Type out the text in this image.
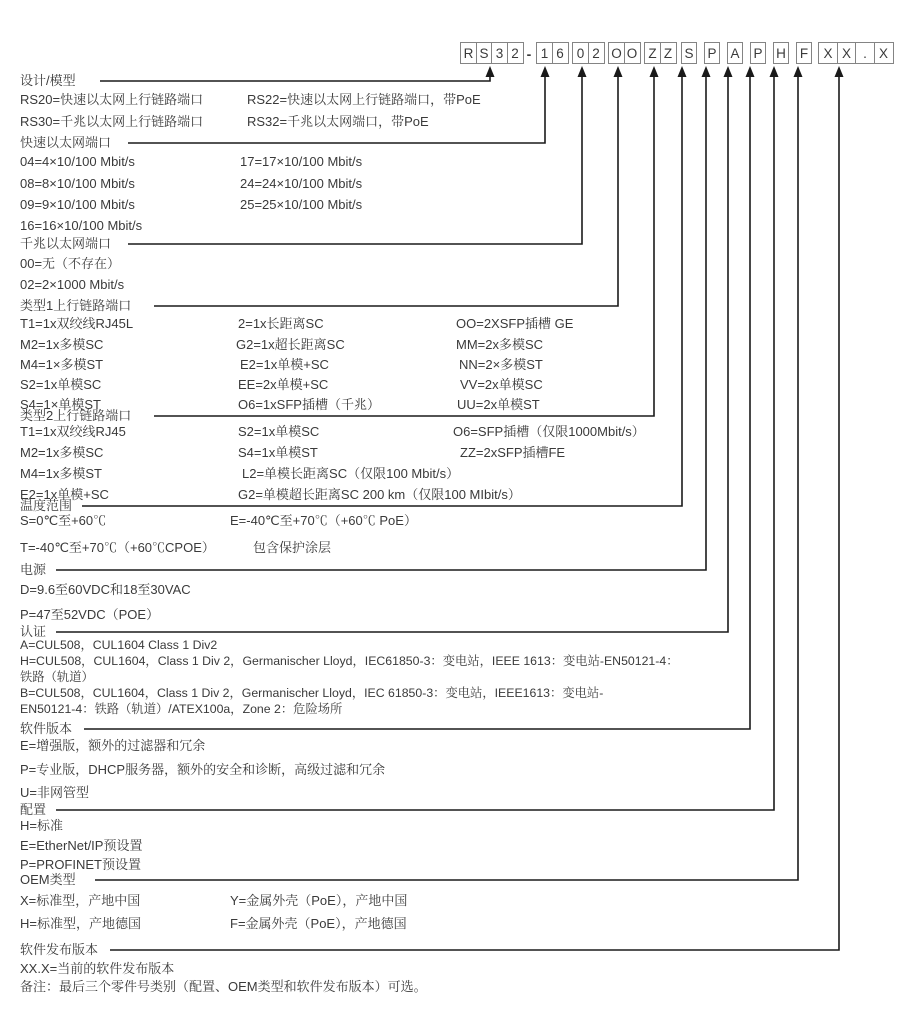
R S 3 2 - 1 6 0 2 O O Z Z S P A P H F	X X . X
设计/模型
RS20=快速以太网上行链路端口	RS22=快速以太网上行链路端口，带PoE
RS30=千兆以太网上行链路端口	RS32=千兆以太网端口，带PoE
快速以太网端口
04=4×10/100 Mbit/s	17=17×10/100 Mbit/s
08=8×10/100 Mbit/s	24=24×10/100 Mbit/s
09=9×10/100 Mbit/s	25=25×10/100 Mbit/s
16=16×10/100 Mbit/s
千兆以太网端口
00=无（不存在）
02=2×1000 Mbit/s
类型1上行链路端口
T1=1x双绞线RJ45L	2=1x长距离SC	OO=2XSFP插槽 GE
M2=1x多模SC	G2=1x超长距离SC	MM=2x多模SC
M4=1×多模ST	E2=1x单模+SC	NN=2×多模ST
S2=1x单模SC	EE=2x单模+SC	VV=2x单模SC
S4=1×单模ST	O6=1xSFP插槽（千兆）	UU=2x单模ST
类型2上行链路端口
T1=1x双绞线RJ45	S2=1x单模SC	O6=SFP插槽（仅限1000Mbit/s）
M2=1x多模SC	S4=1x单模ST	ZZ=2xSFP插槽FE
M4=1x多模ST	L2=单模长距离SC（仅限100 Mbit/s）
E2=1x单模+SC	G2=单模超长距离SC 200 km（仅限100 MIbit/s）
温度范围
S=0℃至+60℃	E=-40℃至+70℃（+60℃ PoE）
T=-40℃至+70℃（+60℃CPOE）	包含保护涂层
电源
D=9.6至60VDC和18至30VAC
P=47至52VDC（POE）
认证
A=CUL508，CUL1604 Class 1 Div2
H=CUL508，CUL1604，Class 1 Div 2，Germanischer Lloyd，IEC61850-3：变电站，IEEE 1613：变电站-EN50121-4：
铁路（轨道）
B=CUL508，CUL1604，Class 1 Div 2，Germanischer Lloyd，IEC 61850-3：变电站，IEEE1613：变电站-
EN50121-4：铁路（轨道）/ATEX100a，Zone 2：危险场所
软件版本
E=增强版，额外的过滤器和冗余
P=专业版，DHCP服务器，额外的安全和诊断，高级过滤和冗余
U=非网管型
配置
H=标准
E=EtherNet/IP预设置
P=PROFINET预设置
OEM类型
X=标准型，产地中国	Y=金属外壳（PoE），产地中国
H=标准型，产地德国	F=金属外壳（PoE），产地德国
软件发布版本
XX.X=当前的软件发布版本
备注：最后三个零件号类别（配置、OEM类型和软件发布版本）可选。
